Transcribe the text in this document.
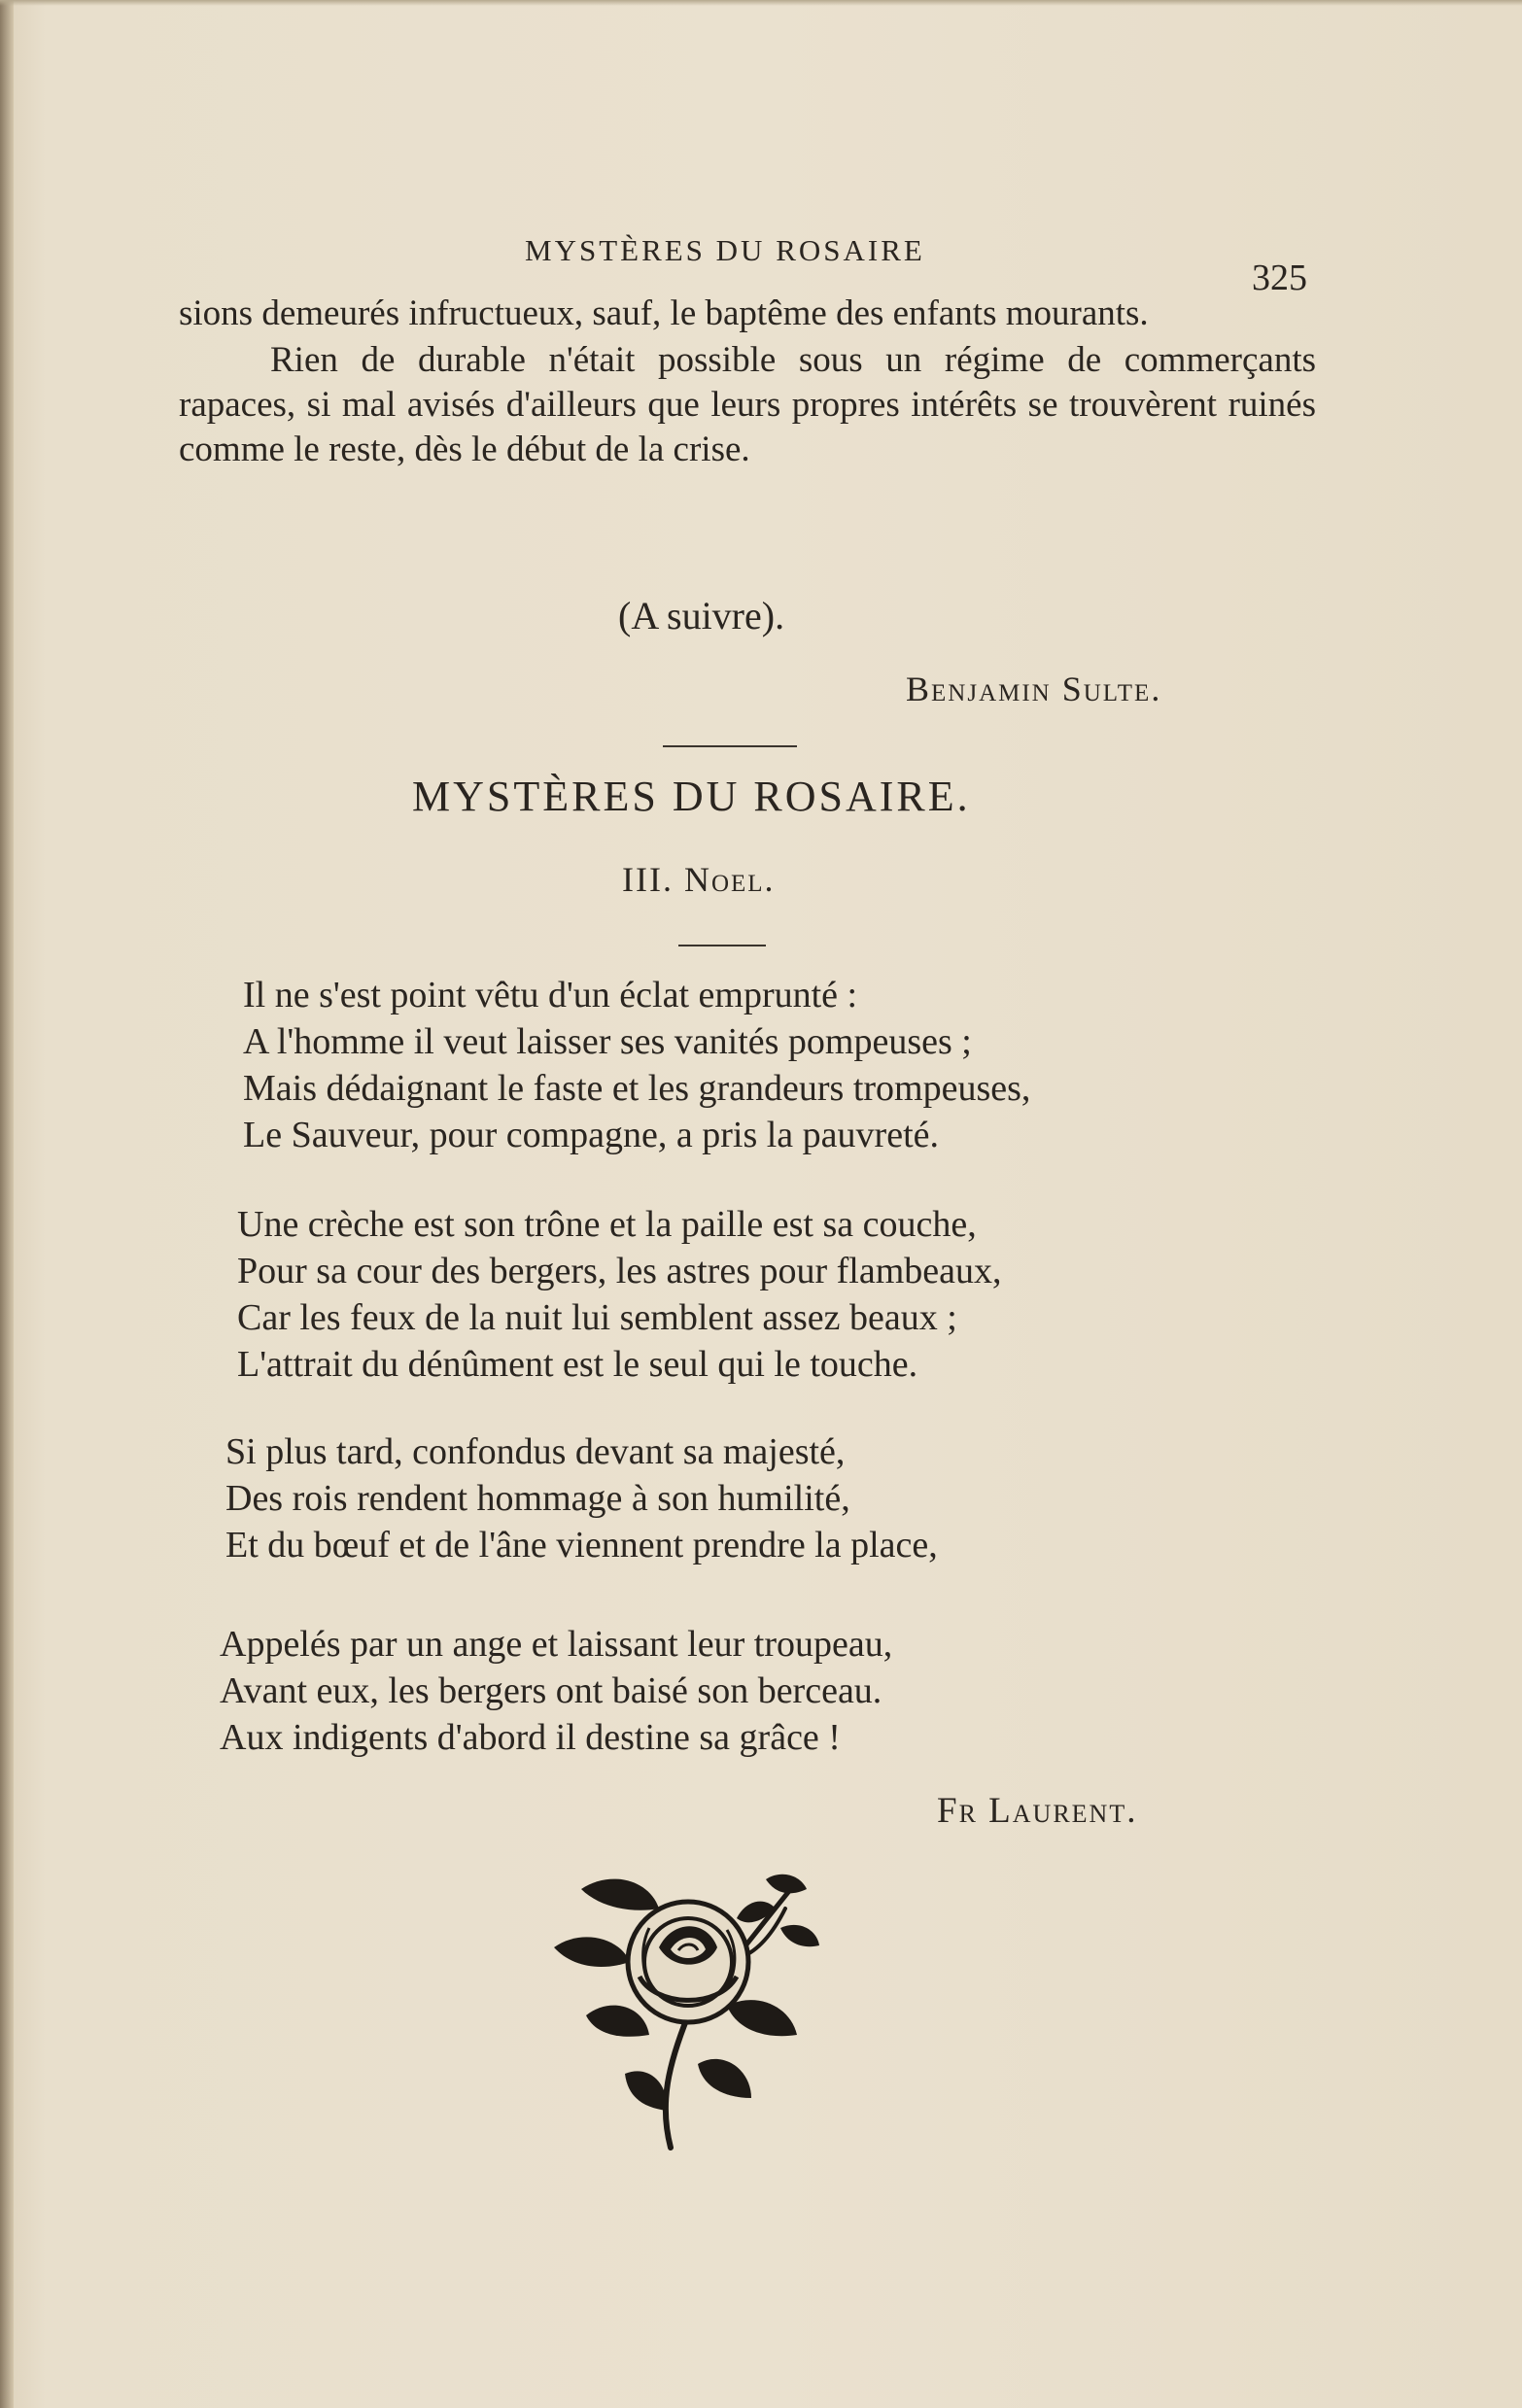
MYSTÈRES DU ROSAIRE
325

sions demeurés infructueux, sauf, le baptême des enfants mourants.

Rien de durable n'était possible sous un régime de commerçants rapaces, si mal avisés d'ailleurs que leurs propres intérêts se trouvèrent ruinés comme le reste, dès le début de la crise.

(A suivre).
Benjamin Sulte.
MYSTÈRES DU ROSAIRE.
III. Noel.
Il ne s'est point vêtu d'un éclat emprunté :
A l'homme il veut laisser ses vanités pompeuses ;
Mais dédaignant le faste et les grandeurs trompeuses,
Le Sauveur, pour compagne, a pris la pauvreté.
Une crèche est son trône et la paille est sa couche,
Pour sa cour des bergers, les astres pour flambeaux,
Car les feux de la nuit lui semblent assez beaux ;
L'attrait du dénûment est le seul qui le touche.
Si plus tard, confondus devant sa majesté,
Des rois rendent hommage à son humilité,
Et du bœuf et de l'âne viennent prendre la place,
Appelés par un ange et laissant leur troupeau,
Avant eux, les bergers ont baisé son berceau.
Aux indigents d'abord il destine sa grâce !
Fr Laurent.
